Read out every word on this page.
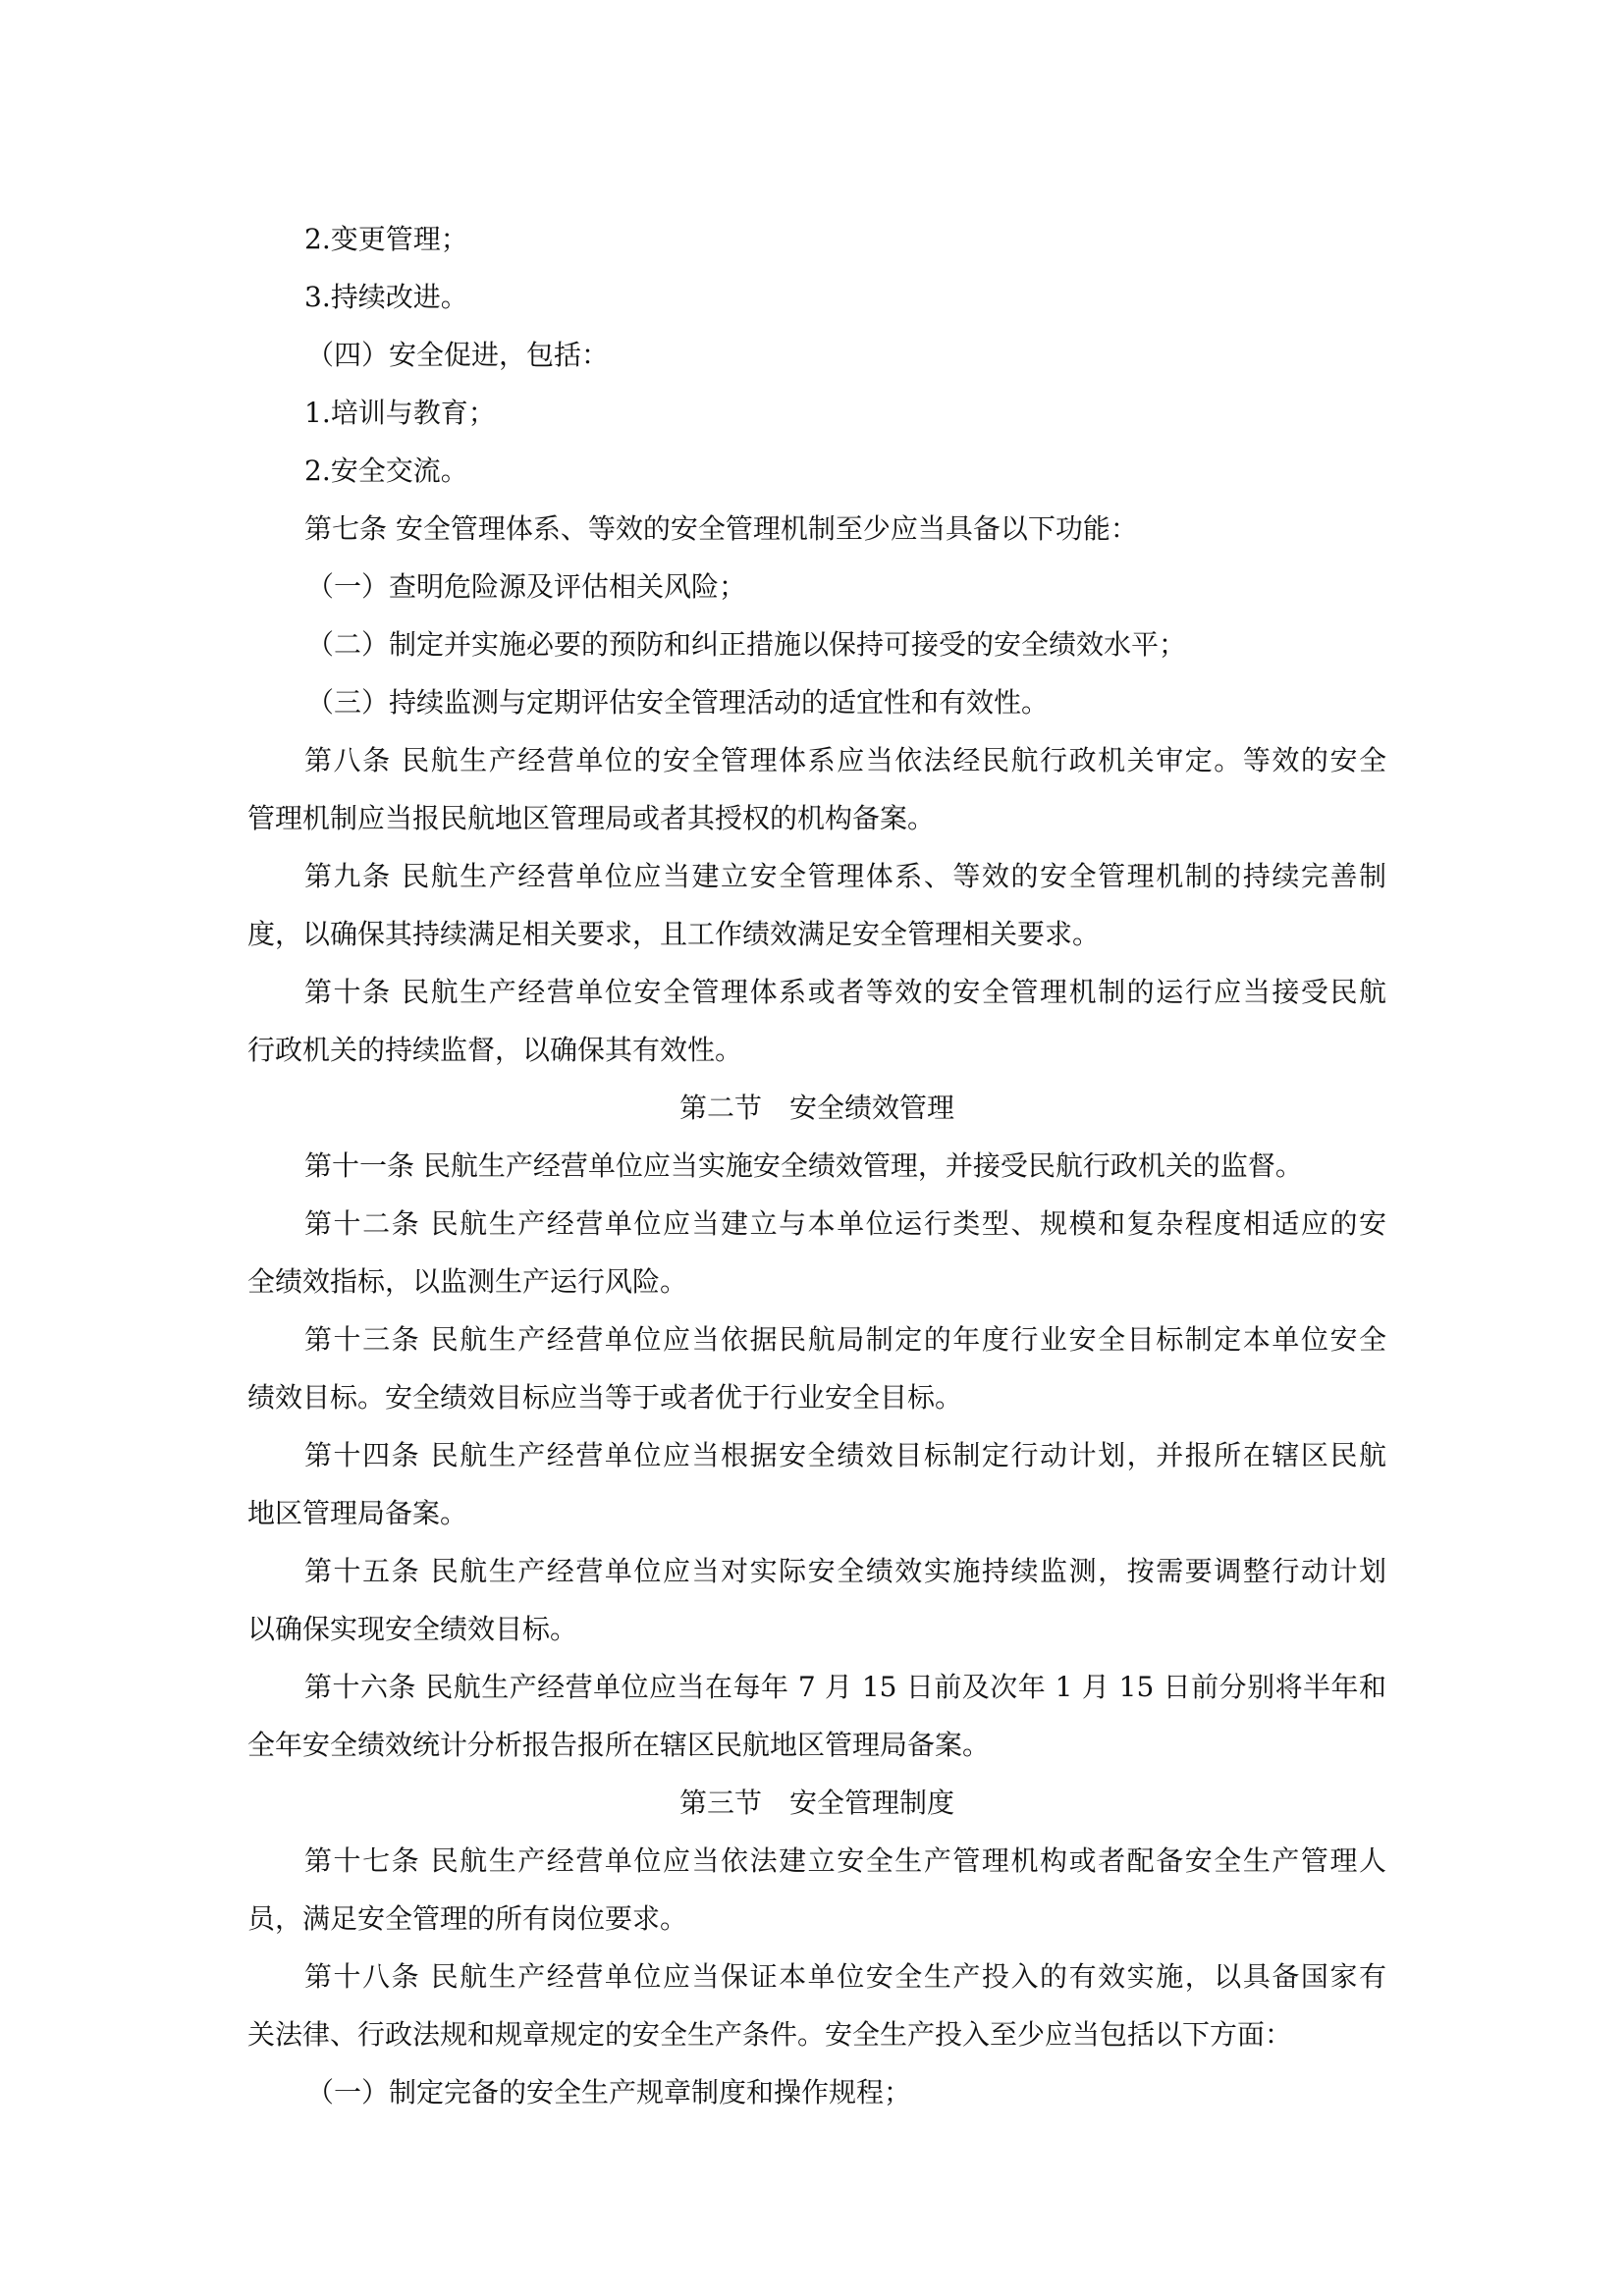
2.变更管理；

3.持续改进。

（四）安全促进，包括：

1.培训与教育；

2.安全交流。

第七条 安全管理体系、等效的安全管理机制至少应当具备以下功能：

（一）查明危险源及评估相关风险；

（二）制定并实施必要的预防和纠正措施以保持可接受的安全绩效水平；

（三）持续监测与定期评估安全管理活动的适宜性和有效性。

第八条 民航生产经营单位的安全管理体系应当依法经民航行政机关审定。等效的安全

管理机制应当报民航地区管理局或者其授权的机构备案。

第九条 民航生产经营单位应当建立安全管理体系、等效的安全管理机制的持续完善制

度，以确保其持续满足相关要求，且工作绩效满足安全管理相关要求。

第十条 民航生产经营单位安全管理体系或者等效的安全管理机制的运行应当接受民航

行政机关的持续监督，以确保其有效性。

第二节　安全绩效管理

第十一条 民航生产经营单位应当实施安全绩效管理，并接受民航行政机关的监督。

第十二条 民航生产经营单位应当建立与本单位运行类型、规模和复杂程度相适应的安

全绩效指标，以监测生产运行风险。

第十三条 民航生产经营单位应当依据民航局制定的年度行业安全目标制定本单位安全

绩效目标。安全绩效目标应当等于或者优于行业安全目标。

第十四条 民航生产经营单位应当根据安全绩效目标制定行动计划，并报所在辖区民航

地区管理局备案。

第十五条 民航生产经营单位应当对实际安全绩效实施持续监测，按需要调整行动计划

以确保实现安全绩效目标。

第十六条 民航生产经营单位应当在每年 7 月 15 日前及次年 1 月 15 日前分别将半年和

全年安全绩效统计分析报告报所在辖区民航地区管理局备案。

第三节　安全管理制度

第十七条 民航生产经营单位应当依法建立安全生产管理机构或者配备安全生产管理人

员，满足安全管理的所有岗位要求。

第十八条 民航生产经营单位应当保证本单位安全生产投入的有效实施，以具备国家有

关法律、行政法规和规章规定的安全生产条件。安全生产投入至少应当包括以下方面：

（一）制定完备的安全生产规章制度和操作规程；
